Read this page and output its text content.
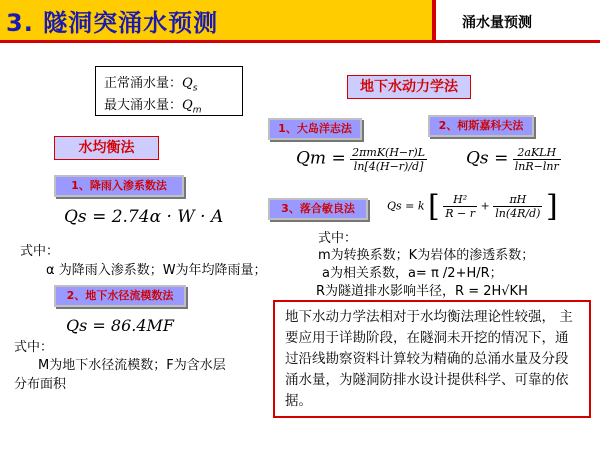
3. 隧洞突涌水预测	涌水量预测
正常涌水量：$Q_s$
最大涌水量：$Q_m$
水均衡法
1、降雨入渗系数法
Qs = 2.74α · W · A
式中：
α 为降雨入渗系数；W为年均降雨量；
2、地下水径流模数法
Qs = 86.4MF
式中：
M为地下水径流模数；F为含水层
分布面积
地下水动力学法
1、大岛洋志法	2、柯斯嘉科夫法
$Qm = \frac{\text{2πmK(H−r)L}}{\ln[4(H-r)/d]}$ $Qs = \frac{\text{2aKLH}}{\ln R-\ln r}$
3、落合敏良法	Qs = k [ $\frac{\text{H²}}{R - r} + \frac{\pi H}{\ln(4R/d)}$ ]
式中：
m为转换系数；K为岩体的渗透系数；
a为相关系数，a= π /2+H/R；
R为隧道排水影响半径，R = 2H√KH
地下水动力学法相对于水均衡法理论性较强， 主要应用于详勘阶段，在隧洞未开挖的情况下，通过沿线勘察资料计算较为精确的总涌水量及分段涌水量，为隧洞防排水设计提供科学、可靠的依据。
